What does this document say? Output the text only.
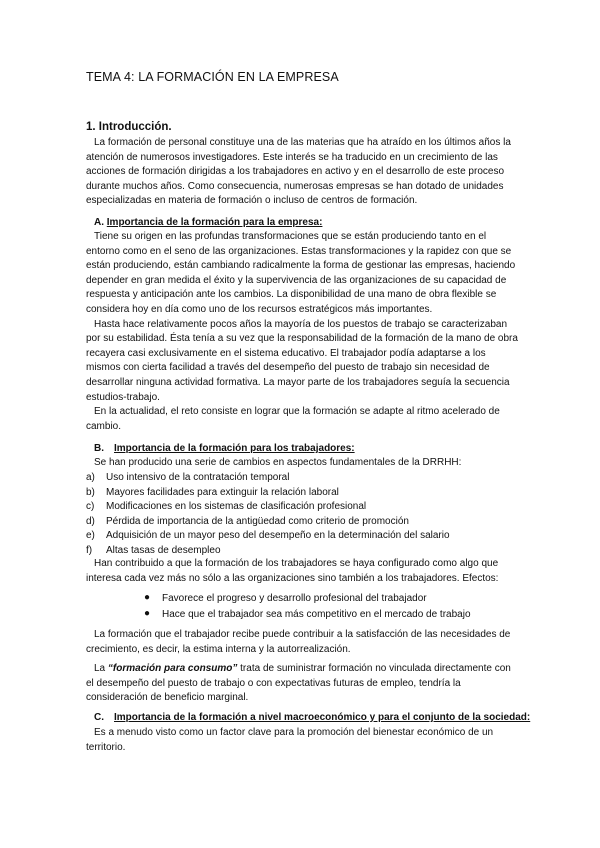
TEMA 4: LA FORMACIÓN EN LA EMPRESA
1. Introducción.

La formación de personal constituye una de las materias que ha atraído en los últimos años la atención de numerosos investigadores. Este interés se ha traducido en un crecimiento de las acciones de formación dirigidas a los trabajadores en activo y en el desarrollo de este proceso durante muchos años. Como consecuencia, numerosas empresas se han dotado de unidades especializadas en materia de formación o incluso de centros de formación.

A. Importancia de la formación para la empresa:

Tiene su origen en las profundas transformaciones que se están produciendo tanto en el entorno como en el seno de las organizaciones. Estas transformaciones y la rapidez con que se están produciendo, están cambiando radicalmente la forma de gestionar las empresas, haciendo depender en gran medida el éxito y la supervivencia de las organizaciones de su capacidad de respuesta y anticipación ante los cambios. La disponibilidad de una mano de obra flexible se considera hoy en día como uno de los recursos estratégicos más importantes.

Hasta hace relativamente pocos años la mayoría de los puestos de trabajo se caracterizaban por su estabilidad. Ésta tenía a su vez que la responsabilidad de la formación de la mano de obra recayera casi exclusivamente en el sistema educativo. El trabajador podía adaptarse a los mismos con cierta facilidad a través del desempeño del puesto de trabajo sin necesidad de desarrollar ninguna actividad formativa. La mayor parte de los trabajadores seguía la secuencia estudios-trabajo.

En la actualidad, el reto consiste en lograr que la formación se adapte al ritmo acelerado de cambio.

B. Importancia de la formación para los trabajadores:

Se han producido una serie de cambios en aspectos fundamentales de la DRRHH:

a) Uso intensivo de la contratación temporal
b) Mayores facilidades para extinguir la relación laboral
c) Modificaciones en los sistemas de clasificación profesional
d) Pérdida de importancia de la antigüedad como criterio de promoción
e) Adquisición de un mayor peso del desempeño en la determinación del salario
f) Altas tasas de desempleo

Han contribuido a que la formación de los trabajadores se haya configurado como algo que interesa cada vez más no sólo a las organizaciones sino también a los trabajadores. Efectos:

● Favorece el progreso y desarrollo profesional del trabajador
● Hace que el trabajador sea más competitivo en el mercado de trabajo

La formación que el trabajador recibe puede contribuir a la satisfacción de las necesidades de crecimiento, es decir, la estima interna y la autorrealización.

La “formación para consumo” trata de suministrar formación no vinculada directamente con el desempeño del puesto de trabajo o con expectativas futuras de empleo, tendría la consideración de beneficio marginal.

C. Importancia de la formación a nivel macroeconómico y para el conjunto de la sociedad:

Es a menudo visto como un factor clave para la promoción del bienestar económico de un territorio.
